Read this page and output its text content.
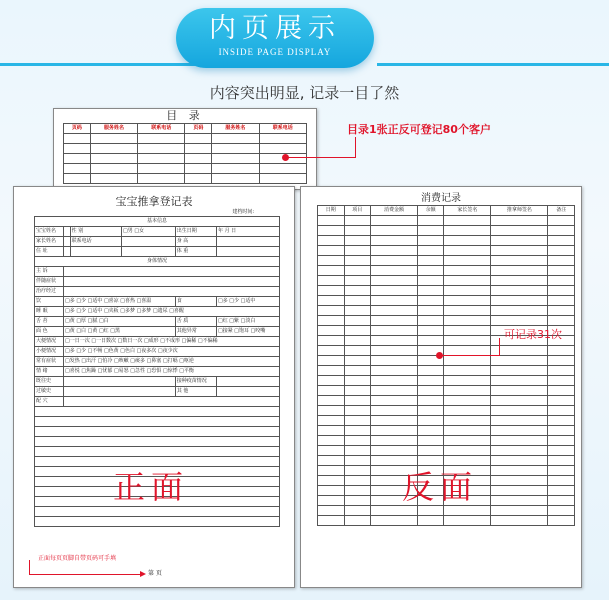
内页展示
INSIDE PAGE DISPLAY
内容突出明显, 记录一目了然
目 录
页码	服务姓名	联系电话	页码	服务姓名	联系电话

						目录1张正反可登记80个客户
宝宝推拿登记表
建档时间:
基本信息					
宝宝姓名		性 别	□男 □女	出生日期	年 月 日
家长姓名		联系电话		身 高	
住 址				体 重	
身体情况					
主 诉					
伴随症状					
治疗经过					
饮	□多 □少 □适中 □喜凉 □喜热 □喜温			食	□多 □少 □适中
睡 眠	□多 □少 □适中 □夹板 □多梦 □多梦 □遗尿 □喜醒				
舌 苔	□黄 □厚 □腻 □白			舌 质	□红 □紫 □淡白
面 色	□黄 □白 □黄 □红 □黑			其他异常	□接紧 □饱耳 □咬嘴
大便情况	□一日一次 □一日数次 □数日一次 □成形 □不成形 □偏稀 □不偏稀				
小便情况	□多 □少 □不畅 □色黄 □色白 □夜多次 □夜少次				
常有症状	□发热 □出汗 □怕冷 □咳嗽 □痰多 □鼻塞 □打嗝 □呕逆				
情 绪	□喜悦 □焦躁 □忧郁 □易怒 □急性 □恐惧 □惊悸 □平衡				
既往史				接种疫苗情况	
过敏史				其 他	
配 穴					

正面每页页脚自带页码可手填
第 页
正面
消费记录
日期	项目	消费金额	余额	家长签名	推拿师签名	备注

反面
可记录31次
